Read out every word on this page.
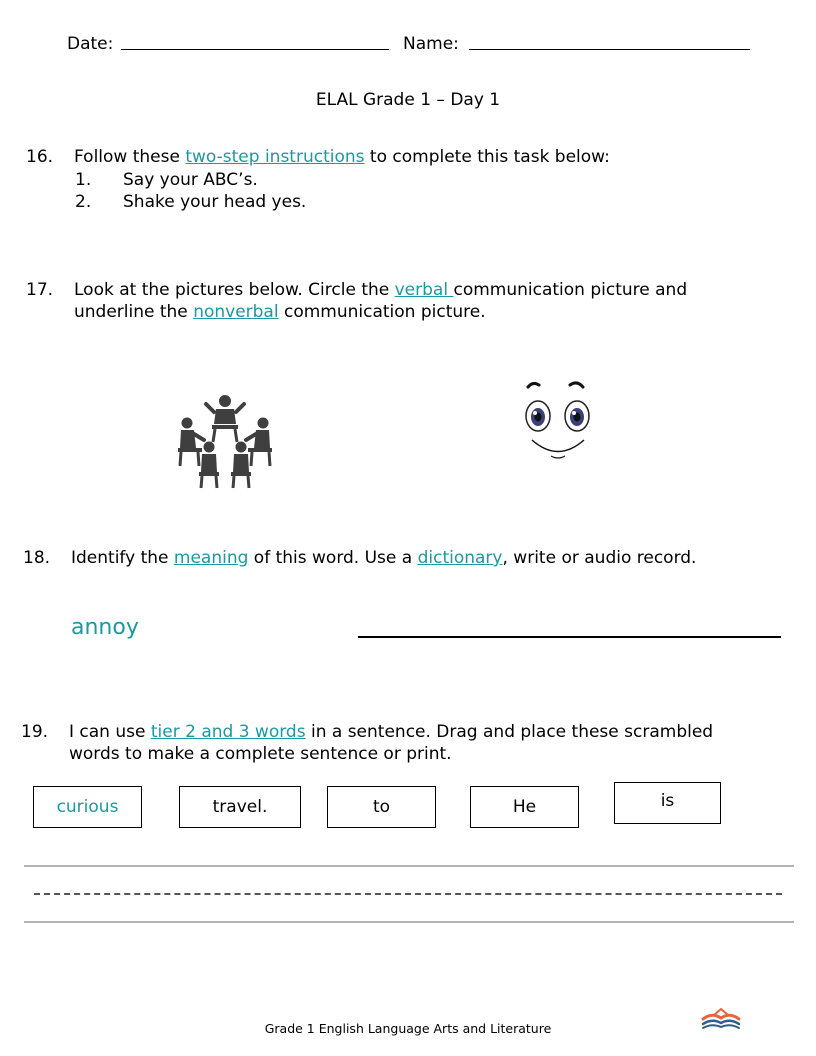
Date:	Name:
ELAL Grade 1 – Day 1
16. Follow these two-step instructions to complete this task below:
1. Say your ABC’s.
2. Shake your head yes.
17. Look at the pictures below. Circle the verbal communication picture and
underline the nonverbal communication picture.
18. Identify the meaning of this word. Use a dictionary, write or audio record.
annoy
19. I can use tier 2 and 3 words in a sentence. Drag and place these scrambled
words to make a complete sentence or print.
curious	travel.	to	He	is
Grade 1 English Language Arts and Literature
